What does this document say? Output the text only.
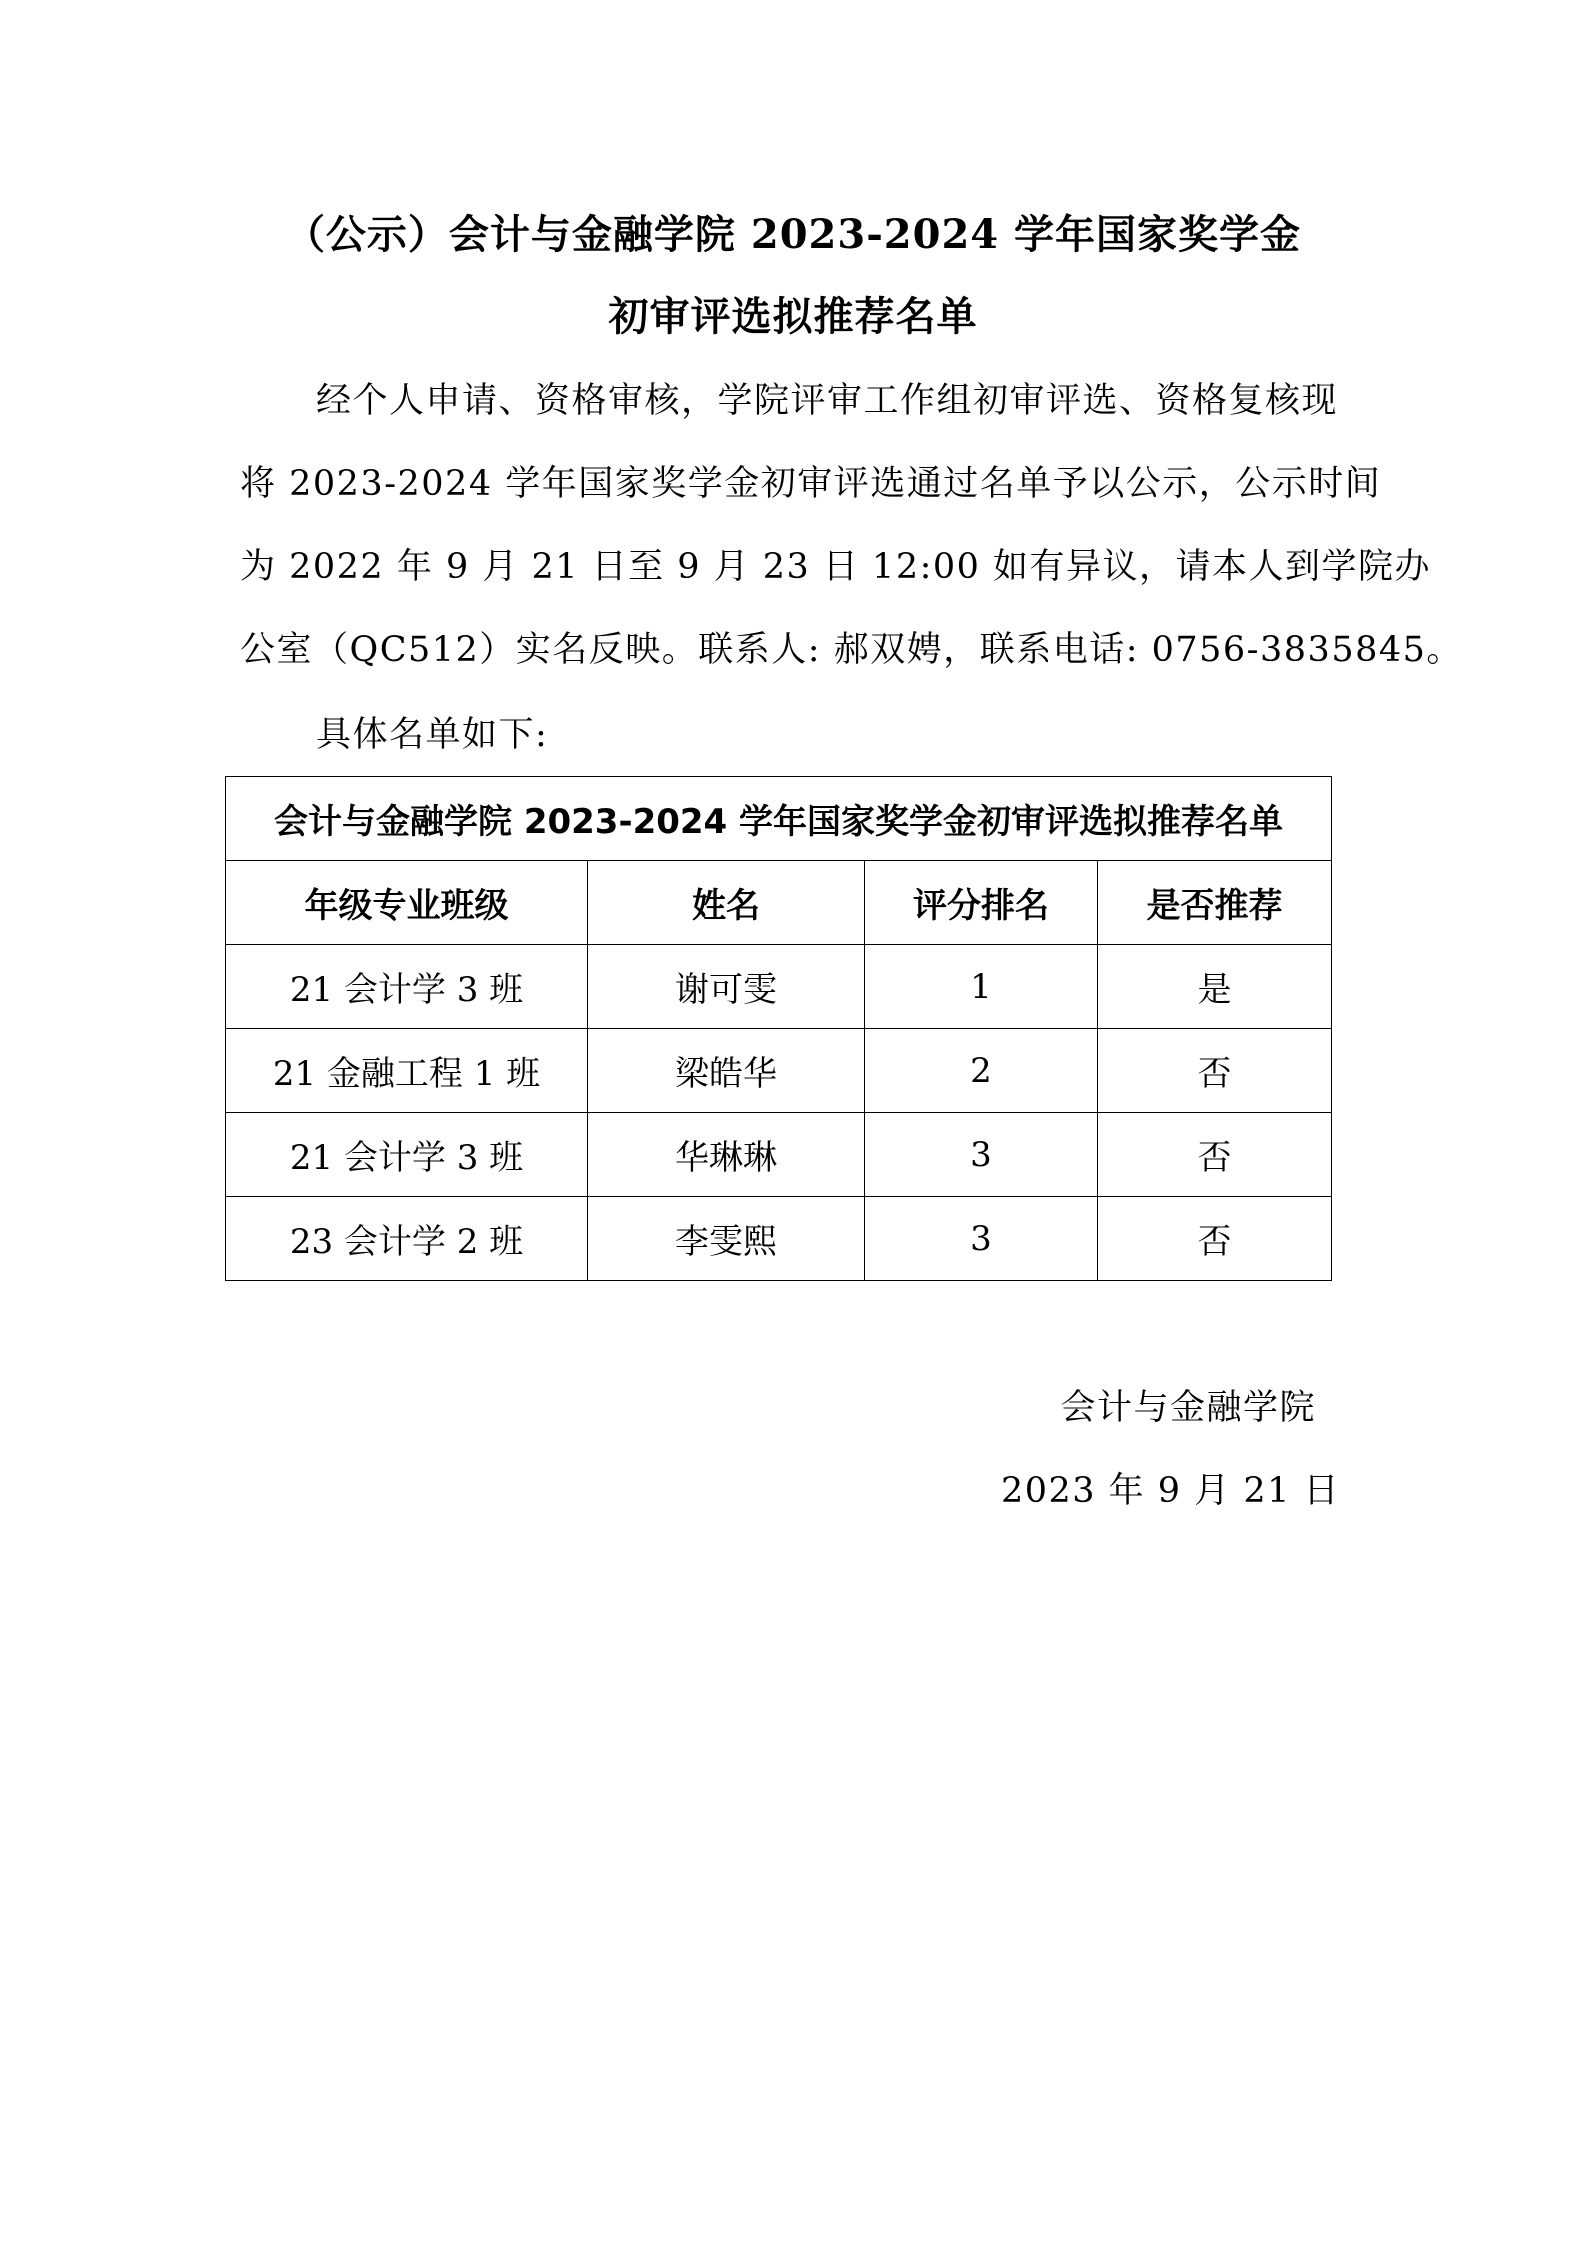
（公示）会计与金融学院 2023-2024 学年国家奖学金
初审评选拟推荐名单
经个人申请、资格审核，学院评审工作组初审评选、资格复核现
将 2023-2024 学年国家奖学金初审评选通过名单予以公示，公示时间
为 2022 年 9 月 21 日至 9 月 23 日 12:00 如有异议，请本人到学院办
公室（QC512）实名反映。联系人: 郝双娉，联系电话: 0756-3835845。
具体名单如下:
会计与金融学院 2023-2024 学年国家奖学金初审评选拟推荐名单			
年级专业班级	姓名	评分排名	是否推荐
21 会计学 3 班	谢可雯	1	是
21 金融工程 1 班	梁皓华	2	否
21 会计学 3 班	华琳琳	3	否
23 会计学 2 班	李雯熙	3	否
会计与金融学院
2023 年 9 月 21 日
